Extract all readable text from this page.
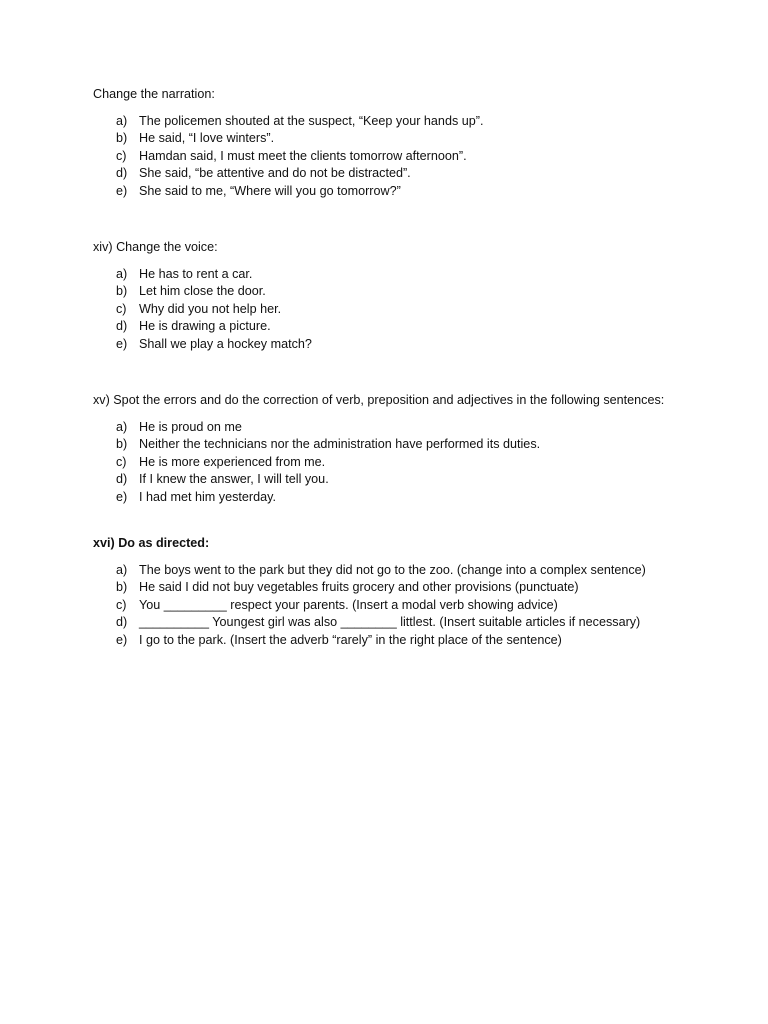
Change the narration:
a) The policemen shouted at the suspect, “Keep your hands up”.
b) He said, “I love winters”.
c) Hamdan said, I must meet the clients tomorrow afternoon”.
d) She said, “be attentive and do not be distracted”.
e) She said to me, “Where will you go tomorrow?”
xiv) Change the voice:
a) He has to rent a car.
b) Let him close the door.
c) Why did you not help her.
d) He is drawing a picture.
e) Shall we play a hockey match?
xv) Spot the errors and do the correction of verb, preposition and adjectives in the following sentences:
a) He is proud on me
b) Neither the technicians nor the administration have performed its duties.
c) He is more experienced from me.
d) If I knew the answer, I will tell you.
e) I had met him yesterday.
xvi) Do as directed:
a) The boys went to the park but they did not go to the zoo. (change into a complex sentence)
b) He said I did not buy vegetables fruits grocery and other provisions (punctuate)
c) You _________ respect your parents. (Insert a modal verb showing advice)
d) __________ Youngest girl was also ________ littlest. (Insert suitable articles if necessary)
e) I go to the park. (Insert the adverb “rarely” in the right place of the sentence)
